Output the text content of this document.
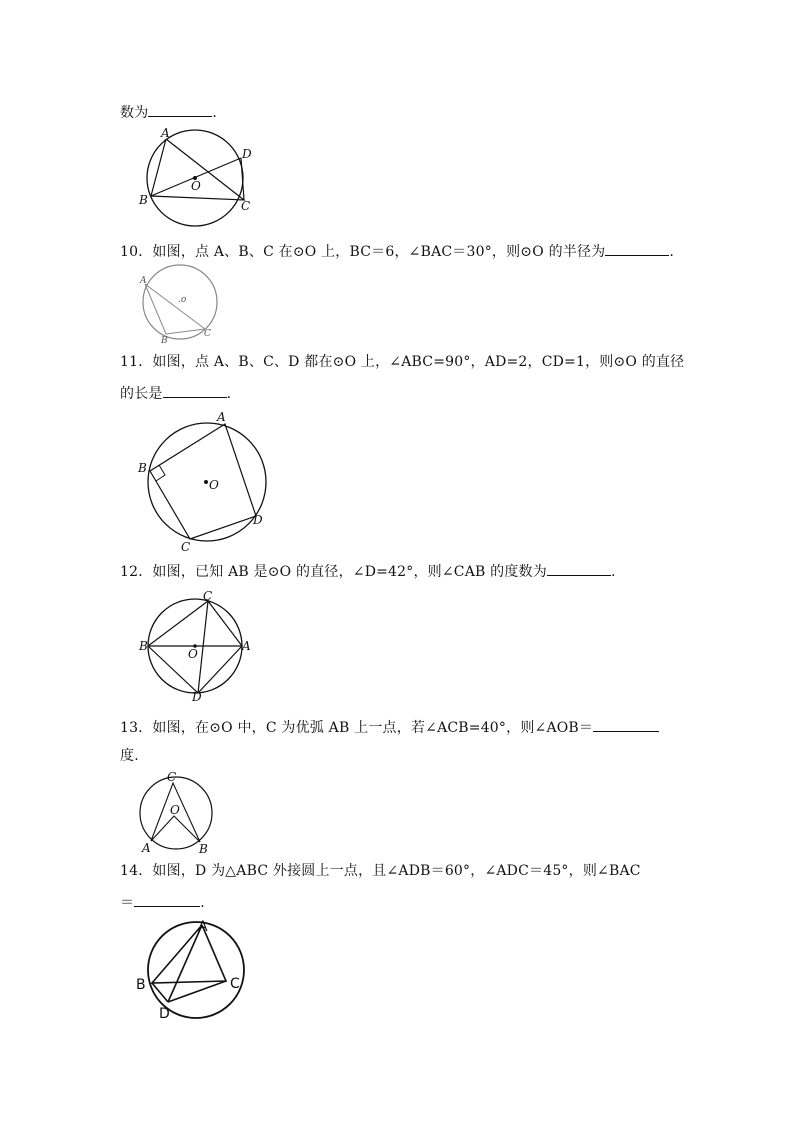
数为	.
A
D
O
B	C
10．如图，点 A、B、C 在⊙O 上，BC＝6，∠BAC＝30°，则⊙O 的半径为	.
A
.o
B
C
11．如图，点 A、B、C、D 都在⊙O 上，∠ABC=90°，AD=2，CD=1，则⊙O 的直径
的长是	.
A
B
O
D
C
12．如图，已知 AB 是⊙O 的直径，∠D=42°，则∠CAB 的度数为	.
C
B	A
O
D
13．如图，在⊙O 中，C 为优弧 AB 上一点，若∠ACB=40°，则∠AOB＝
度.
C
O
A	B
14．如图，D 为△ABC 外接圆上一点，且∠ADB＝60°，∠ADC＝45°，则∠BAC
＝	.
A
B	C
D
